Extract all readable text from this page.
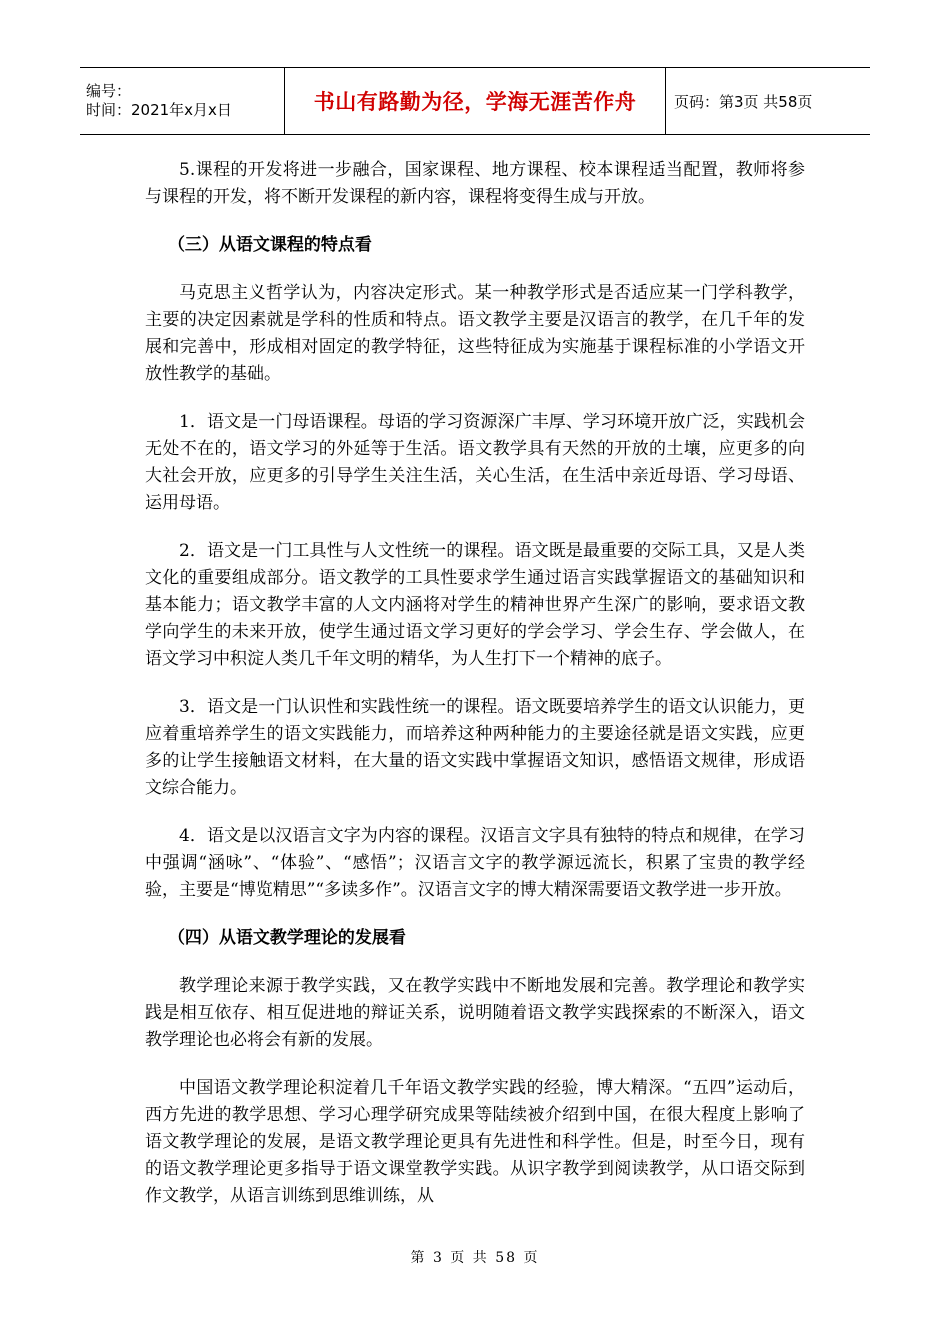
编号：
时间：2021年x月x日	书山有路勤为径，学海无涯苦作舟	页码：第3页 共58页

5.课程的开发将进一步融合，国家课程、地方课程、校本课程适当配置，教师将参与课程的开发，将不断开发课程的新内容，课程将变得生成与开放。

（三）从语文课程的特点看

马克思主义哲学认为，内容决定形式。某一种教学形式是否适应某一门学科教学，主要的决定因素就是学科的性质和特点。语文教学主要是汉语言的教学，在几千年的发展和完善中，形成相对固定的教学特征，这些特征成为实施基于课程标准的小学语文开放性教学的基础。

1．语文是一门母语课程。母语的学习资源深广丰厚、学习环境开放广泛，实践机会无处不在的，语文学习的外延等于生活。语文教学具有天然的开放的土壤，应更多的向大社会开放，应更多的引导学生关注生活，关心生活，在生活中亲近母语、学习母语、运用母语。

2．语文是一门工具性与人文性统一的课程。语文既是最重要的交际工具，又是人类文化的重要组成部分。语文教学的工具性要求学生通过语言实践掌握语文的基础知识和基本能力；语文教学丰富的人文内涵将对学生的精神世界产生深广的影响，要求语文教学向学生的未来开放，使学生通过语文学习更好的学会学习、学会生存、学会做人，在语文学习中积淀人类几千年文明的精华，为人生打下一个精神的底子。

3．语文是一门认识性和实践性统一的课程。语文既要培养学生的语文认识能力，更应着重培养学生的语文实践能力，而培养这种两种能力的主要途径就是语文实践，应更多的让学生接触语文材料，在大量的语文实践中掌握语文知识，感悟语文规律，形成语文综合能力。

4．语文是以汉语言文字为内容的课程。汉语言文字具有独特的特点和规律，在学习中强调“涵咏”、“体验”、“感悟”；汉语言文字的教学源远流长，积累了宝贵的教学经验，主要是“博览精思”“多读多作”。汉语言文字的博大精深需要语文教学进一步开放。

（四）从语文教学理论的发展看

教学理论来源于教学实践，又在教学实践中不断地发展和完善。教学理论和教学实践是相互依存、相互促进地的辩证关系，说明随着语文教学实践探索的不断深入，语文教学理论也必将会有新的发展。

中国语文教学理论积淀着几千年语文教学实践的经验，博大精深。“五四”运动后，西方先进的教学思想、学习心理学研究成果等陆续被介绍到中国，在很大程度上影响了语文教学理论的发展，是语文教学理论更具有先进性和科学性。但是，时至今日，现有的语文教学理论更多指导于语文课堂教学实践。从识字教学到阅读教学，从口语交际到作文教学，从语言训练到思维训练，从

第 3 页 共 58 页
